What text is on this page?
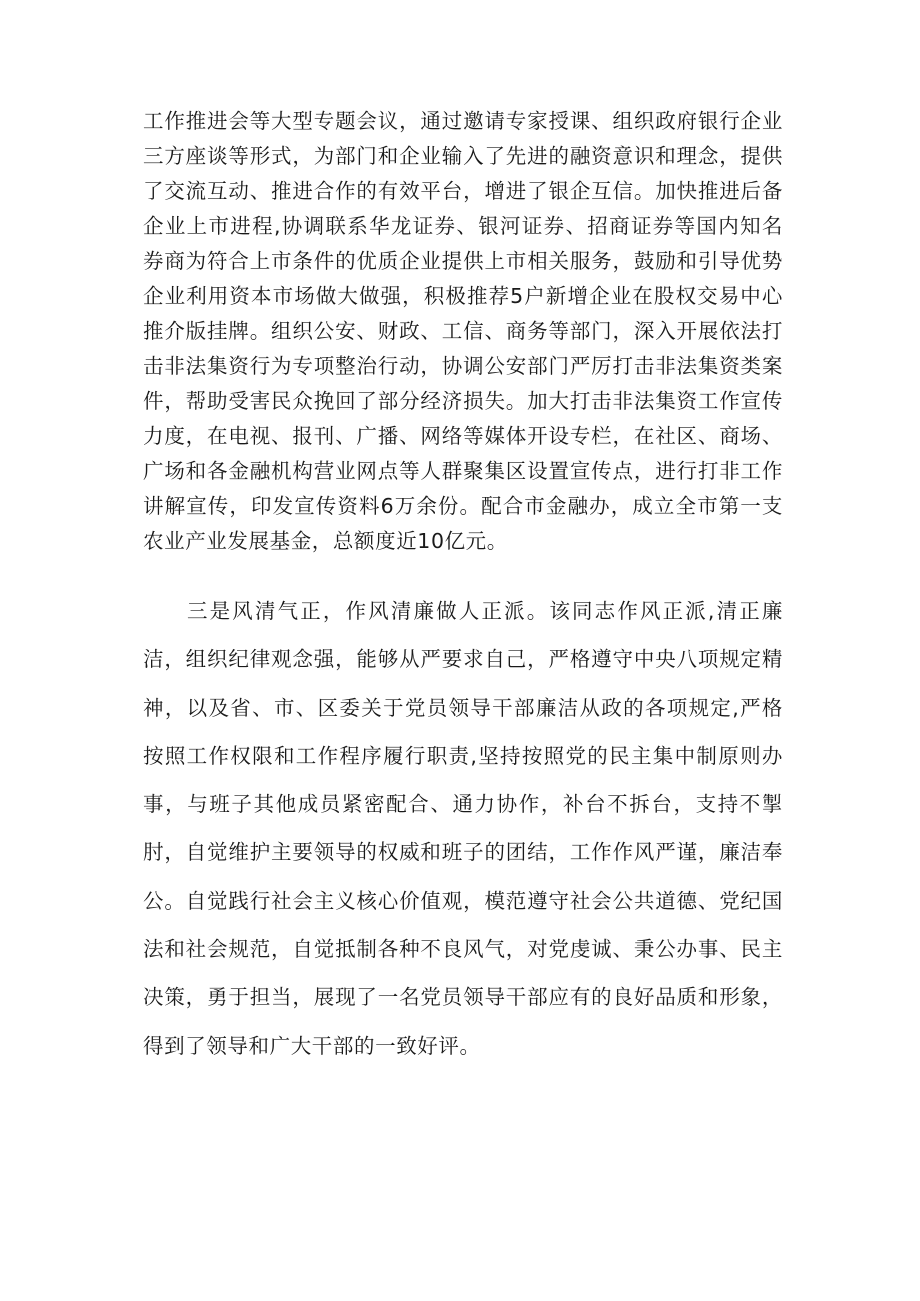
工作推进会等大型专题会议，通过邀请专家授课、组织政府银行企业三方座谈等形式，为部门和企业输入了先进的融资意识和理念，提供了交流互动、推进合作的有效平台，增进了银企互信。加快推进后备企业上市进程,协调联系华龙证券、银河证券、招商证券等国内知名券商为符合上市条件的优质企业提供上市相关服务，鼓励和引导优势企业利用资本市场做大做强，积极推荐5户新增企业在股权交易中心推介版挂牌。组织公安、财政、工信、商务等部门，深入开展依法打击非法集资行为专项整治行动，协调公安部门严厉打击非法集资类案件，帮助受害民众挽回了部分经济损失。加大打击非法集资工作宣传力度，在电视、报刊、广播、网络等媒体开设专栏，在社区、商场、广场和各金融机构营业网点等人群聚集区设置宣传点，进行打非工作讲解宣传，印发宣传资料6万余份。配合市金融办，成立全市第一支农业产业发展基金，总额度近10亿元。

三是风清气正，作风清廉做人正派。该同志作风正派,清正廉洁，组织纪律观念强，能够从严要求自己，严格遵守中央八项规定精神，以及省、市、区委关于党员领导干部廉洁从政的各项规定,严格按照工作权限和工作程序履行职责,坚持按照党的民主集中制原则办事，与班子其他成员紧密配合、通力协作，补台不拆台，支持不掣肘，自觉维护主要领导的权威和班子的团结，工作作风严谨，廉洁奉公。自觉践行社会主义核心价值观，模范遵守社会公共道德、党纪国法和社会规范，自觉抵制各种不良风气，对党虔诚、秉公办事、民主决策，勇于担当，展现了一名党员领导干部应有的良好品质和形象，得到了领导和广大干部的一致好评。
